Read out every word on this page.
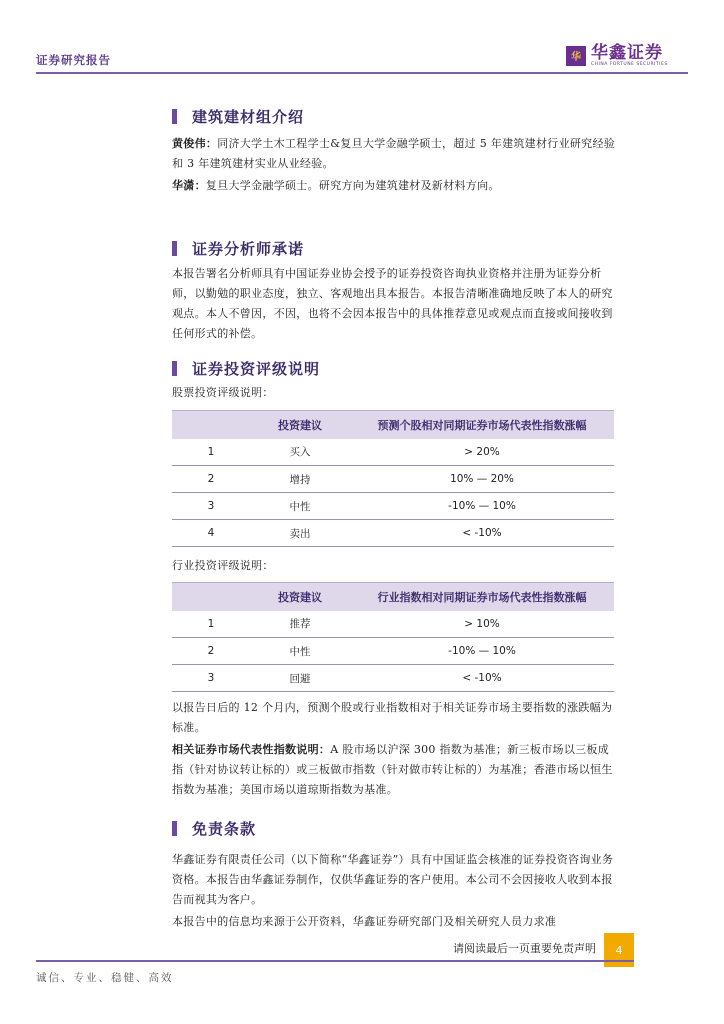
证券研究报告	华 华鑫证券
CHINA FORTUNE SECURITIES
建筑建材组介绍
黄俊伟：同济大学土木工程学士&复旦大学金融学硕士，超过 5 年建筑建材行业研究经验和 3 年建筑建材实业从业经验。
华潇：复旦大学金融学硕士。研究方向为建筑建材及新材料方向。
证券分析师承诺
本报告署名分析师具有中国证券业协会授予的证券投资咨询执业资格并注册为证券分析师，以勤勉的职业态度，独立、客观地出具本报告。本报告清晰准确地反映了本人的研究观点。本人不曾因，不因，也将不会因本报告中的具体推荐意见或观点而直接或间接收到任何形式的补偿。
证券投资评级说明
股票投资评级说明：
	投资建议	预测个股相对同期证券市场代表性指数涨幅
1	买入	> 20%
2	增持	10% — 20%
3	中性	-10% — 10%
4	卖出	< -10%
行业投资评级说明：
	投资建议	行业指数相对同期证券市场代表性指数涨幅
1	推荐	> 10%
2	中性	-10% — 10%
3	回避	< -10%
以报告日后的 12 个月内，预测个股或行业指数相对于相关证券市场主要指数的涨跌幅为标准。
相关证券市场代表性指数说明：A 股市场以沪深 300 指数为基准；新三板市场以三板成指（针对协议转让标的）或三板做市指数（针对做市转让标的）为基准；香港市场以恒生指数为基准；美国市场以道琼斯指数为基准。
免责条款
华鑫证券有限责任公司（以下简称“华鑫证券”）具有中国证监会核准的证券投资咨询业务资格。本报告由华鑫证券制作，仅供华鑫证券的客户使用。本公司不会因接收人收到本报告而视其为客户。
本报告中的信息均来源于公开资料，华鑫证券研究部门及相关研究人员力求准
请阅读最后一页重要免责声明	4
诚信、专业、稳健、高效
